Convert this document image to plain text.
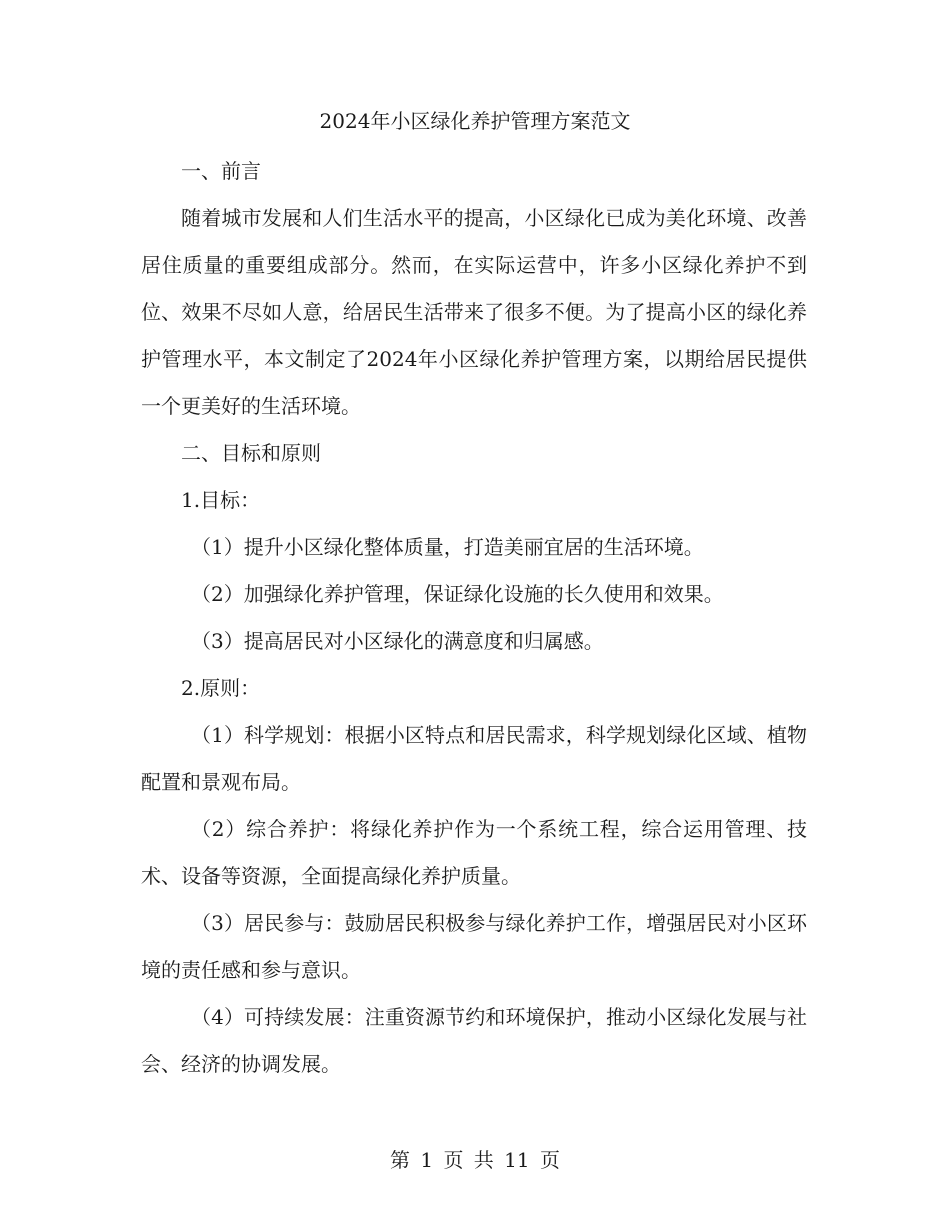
2024年小区绿化养护管理方案范文

一、前言

随着城市发展和人们生活水平的提高，小区绿化已成为美化环境、改善居住质量的重要组成部分。然而，在实际运营中，许多小区绿化养护不到位、效果不尽如人意，给居民生活带来了很多不便。为了提高小区的绿化养护管理水平，本文制定了2024年小区绿化养护管理方案，以期给居民提供一个更美好的生活环境。

二、目标和原则

1.目标：

（1）提升小区绿化整体质量，打造美丽宜居的生活环境。

（2）加强绿化养护管理，保证绿化设施的长久使用和效果。

（3）提高居民对小区绿化的满意度和归属感。

2.原则：

（1）科学规划：根据小区特点和居民需求，科学规划绿化区域、植物配置和景观布局。

（2）综合养护：将绿化养护作为一个系统工程，综合运用管理、技术、设备等资源，全面提高绿化养护质量。

（3）居民参与：鼓励居民积极参与绿化养护工作，增强居民对小区环境的责任感和参与意识。

（4）可持续发展：注重资源节约和环境保护，推动小区绿化发展与社会、经济的协调发展。

第 1 页 共 11 页
